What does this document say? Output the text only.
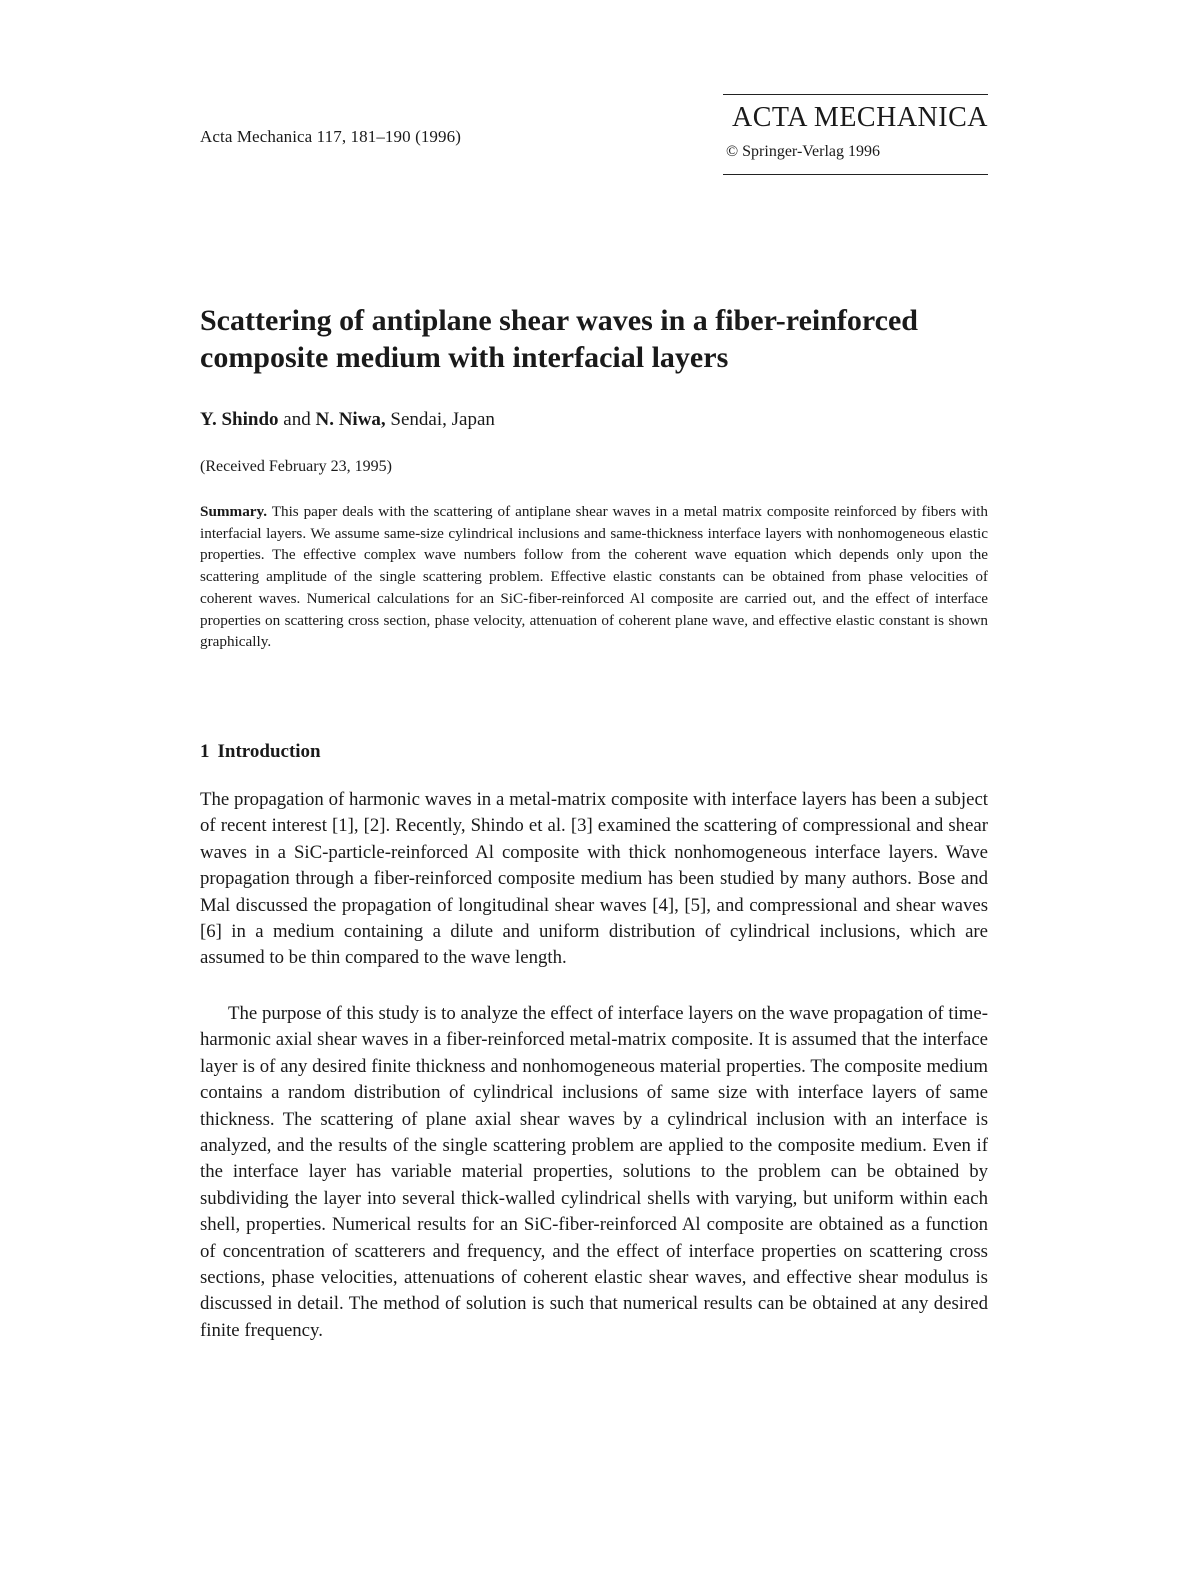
Acta Mechanica 117, 181–190 (1996)
ACTA MECHANICA
© Springer-Verlag 1996
Scattering of antiplane shear waves in a fiber-reinforced composite medium with interfacial layers
Y. Shindo and N. Niwa, Sendai, Japan
(Received February 23, 1995)

Summary. This paper deals with the scattering of antiplane shear waves in a metal matrix composite reinforced by fibers with interfacial layers. We assume same-size cylindrical inclusions and same-thickness interface layers with nonhomogeneous elastic properties. The effective complex wave numbers follow from the coherent wave equation which depends only upon the scattering amplitude of the single scattering problem. Effective elastic constants can be obtained from phase velocities of coherent waves. Numerical calculations for an SiC-fiber-reinforced Al composite are carried out, and the effect of interface properties on scattering cross section, phase velocity, attenuation of coherent plane wave, and effective elastic constant is shown graphically.

1 Introduction

The propagation of harmonic waves in a metal-matrix composite with interface layers has been a subject of recent interest [1], [2]. Recently, Shindo et al. [3] examined the scattering of compressional and shear waves in a SiC-particle-reinforced Al composite with thick nonhomogeneous interface layers. Wave propagation through a fiber-reinforced composite medium has been studied by many authors. Bose and Mal discussed the propagation of longitudinal shear waves [4], [5], and compressional and shear waves [6] in a medium containing a dilute and uniform distribution of cylindrical inclusions, which are assumed to be thin compared to the wave length.

The purpose of this study is to analyze the effect of interface layers on the wave propagation of time-harmonic axial shear waves in a fiber-reinforced metal-matrix composite. It is assumed that the interface layer is of any desired finite thickness and nonhomogeneous material properties. The composite medium contains a random distribution of cylindrical inclusions of same size with interface layers of same thickness. The scattering of plane axial shear waves by a cylindrical inclusion with an interface is analyzed, and the results of the single scattering problem are applied to the composite medium. Even if the interface layer has variable material properties, solutions to the problem can be obtained by subdividing the layer into several thick-walled cylindrical shells with varying, but uniform within each shell, properties. Numerical results for an SiC-fiber-reinforced Al composite are obtained as a function of concentration of scatterers and frequency, and the effect of interface properties on scattering cross sections, phase velocities, attenuations of coherent elastic shear waves, and effective shear modulus is discussed in detail. The method of solution is such that numerical results can be obtained at any desired finite frequency.
